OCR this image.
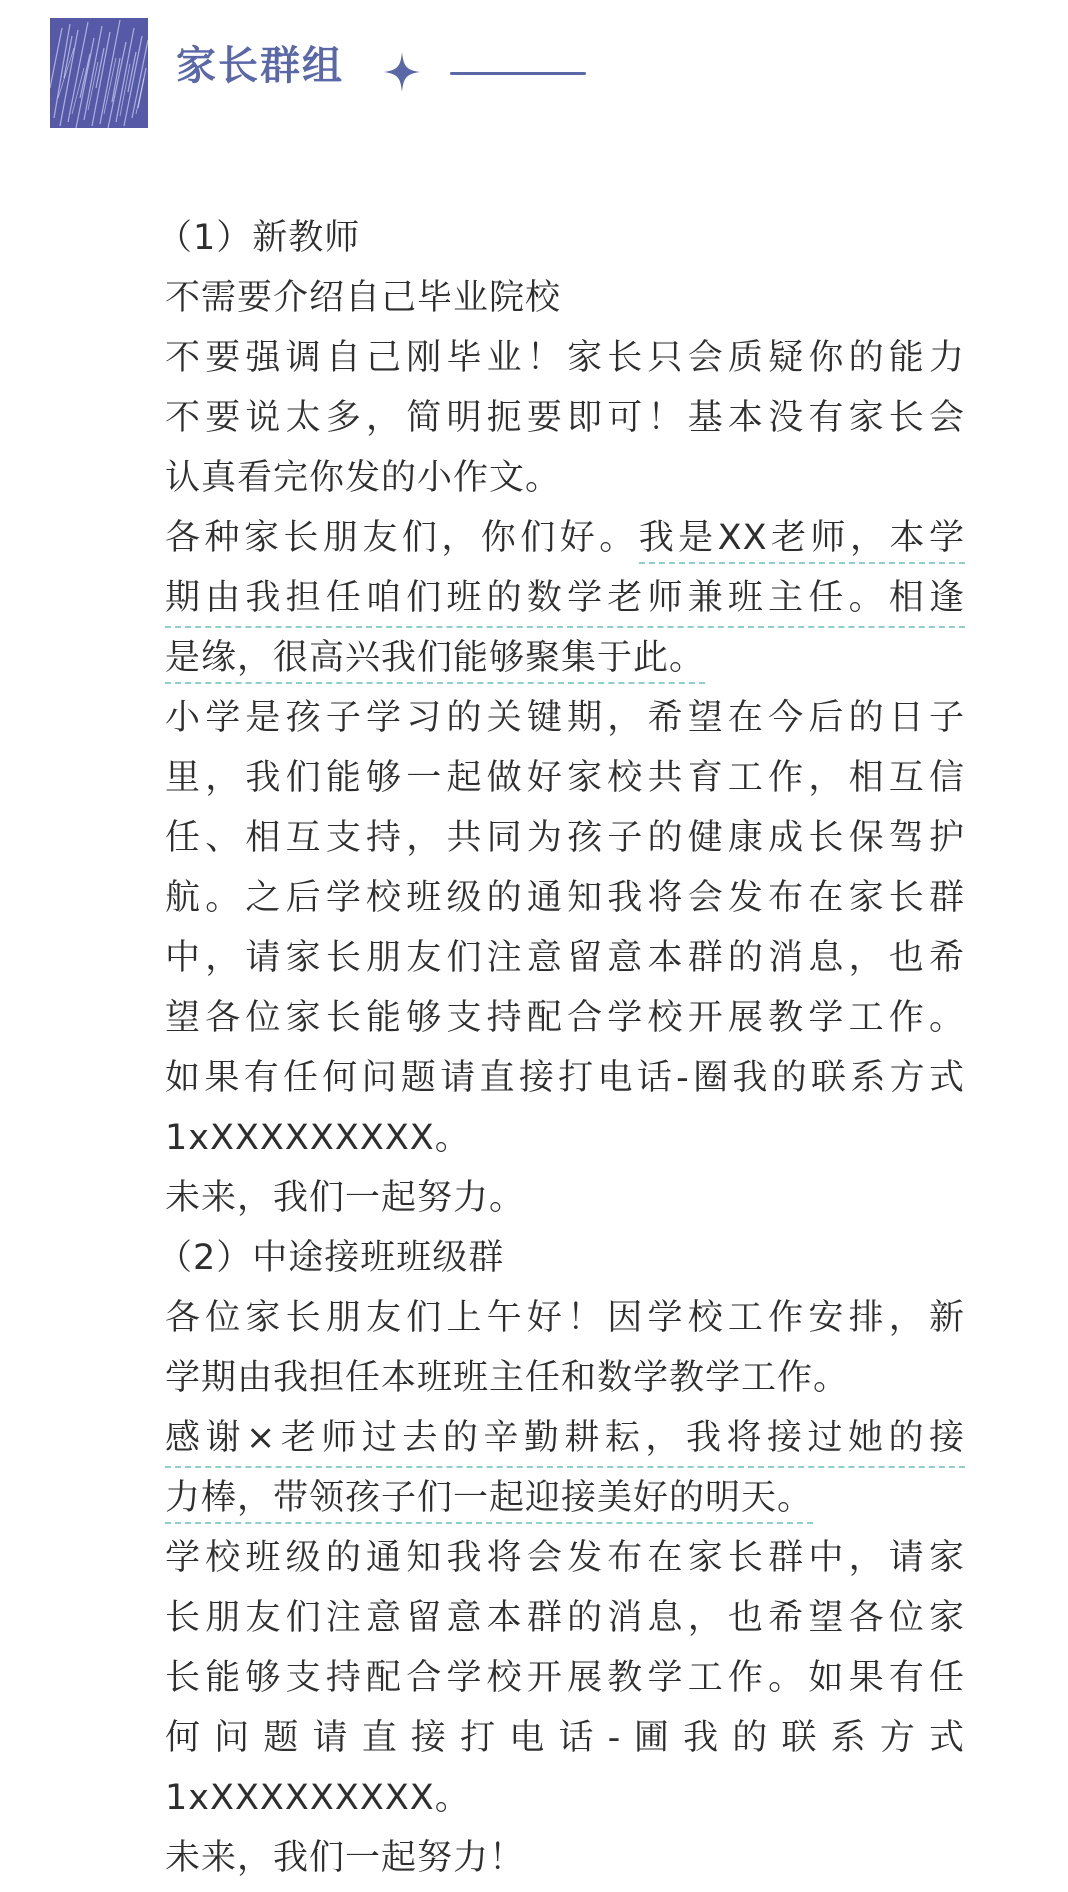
家长群组
（1）新教师
不需要介绍自己毕业院校
不要强调自己刚毕业！家长只会质疑你的能力
不要说太多，简明扼要即可！基本没有家长会
认真看完你发的小作文。
各种家长朋友们，你们好。我是XX老师，本学
期由我担任咱们班的数学老师兼班主任。相逢
是缘，很高兴我们能够聚集于此。
小学是孩子学习的关键期，希望在今后的日子
里，我们能够一起做好家校共育工作，相互信
任、相互支持，共同为孩子的健康成长保驾护
航。之后学校班级的通知我将会发布在家长群
中，请家长朋友们注意留意本群的消息，也希
望各位家长能够支持配合学校开展教学工作。
如果有任何问题请直接打电话-圈我的联系方式
1xXXXXXXXXX。
未来，我们一起努力。
（2）中途接班班级群
各位家长朋友们上午好！因学校工作安排，新
学期由我担任本班班主任和数学教学工作。
感谢×老师过去的辛勤耕耘，我将接过她的接
力棒，带领孩子们一起迎接美好的明天。
学校班级的通知我将会发布在家长群中，请家
长朋友们注意留意本群的消息，也希望各位家
长能够支持配合学校开展教学工作。如果有任
何 问 题 请 直 接 打 电 话 - 圃 我 的 联 系 方 式
1xXXXXXXXXX。
未来，我们一起努力！
